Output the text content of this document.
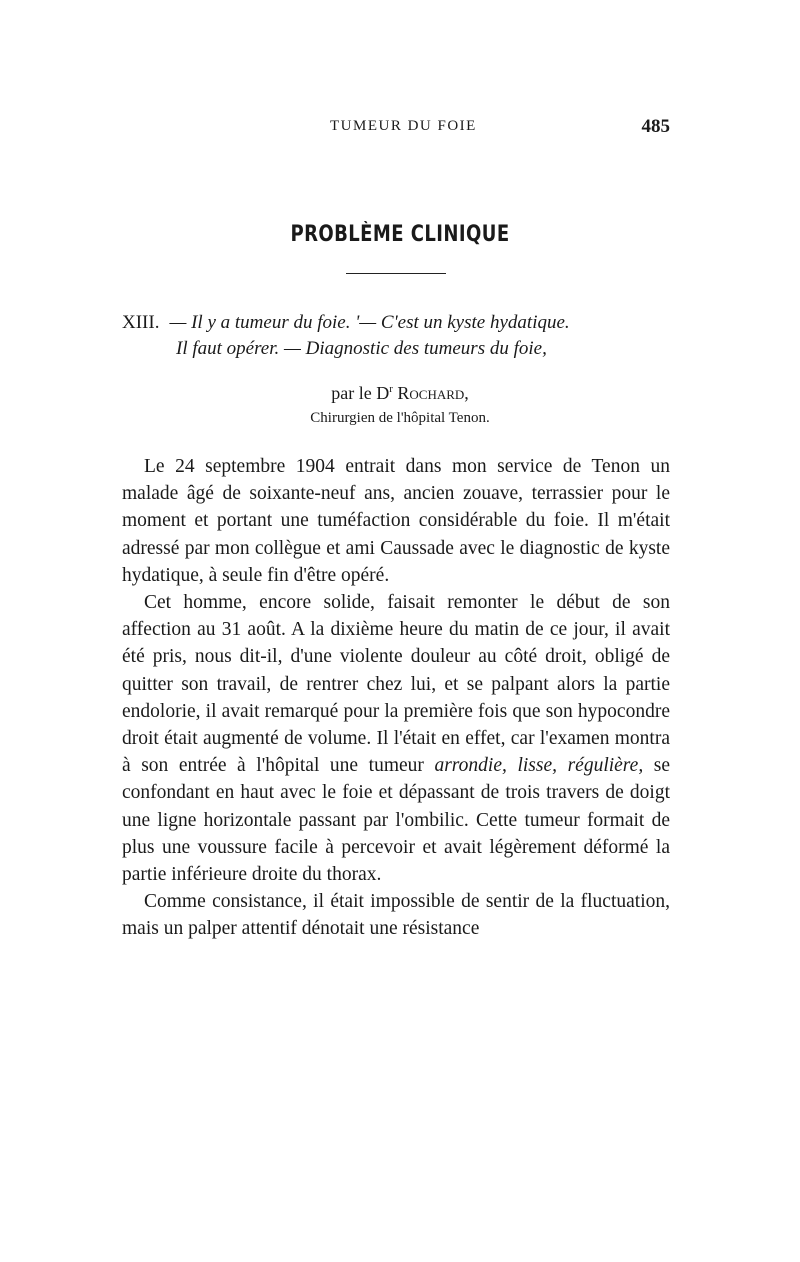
TUMEUR DU FOIE	485
PROBLÈME CLINIQUE
XIII. — Il y a tumeur du foie. '— C'est un kyste hydatique.
Il faut opérer. — Diagnostic des tumeurs du foie,
par le $D^r$ Rochard,
Chirurgien de l'hôpital Tenon.

Le 24 septembre 1904 entrait dans mon service de Tenon un malade âgé de soixante-neuf ans, ancien zouave, terrassier pour le moment et portant une tuméfaction considérable du foie. Il m'était adressé par mon collègue et ami Caussade avec le diagnostic de kyste hydatique, à seule fin d'être opéré.

Cet homme, encore solide, faisait remonter le début de son affection au 31 août. A la dixième heure du matin de ce jour, il avait été pris, nous dit-il, d'une violente douleur au côté droit, obligé de quitter son travail, de rentrer chez lui, et se palpant alors la partie endolorie, il avait remarqué pour la première fois que son hypocondre droit était augmenté de volume. Il l'était en effet, car l'examen montra à son entrée à l'hôpital une tumeur arrondie, lisse, régulière, se confondant en haut avec le foie et dépassant de trois travers de doigt une ligne horizontale passant par l'ombilic. Cette tumeur formait de plus une voussure facile à percevoir et avait légèrement déformé la partie inférieure droite du thorax.

Comme consistance, il était impossible de sentir de la fluctuation, mais un palper attentif dénotait une résistance
